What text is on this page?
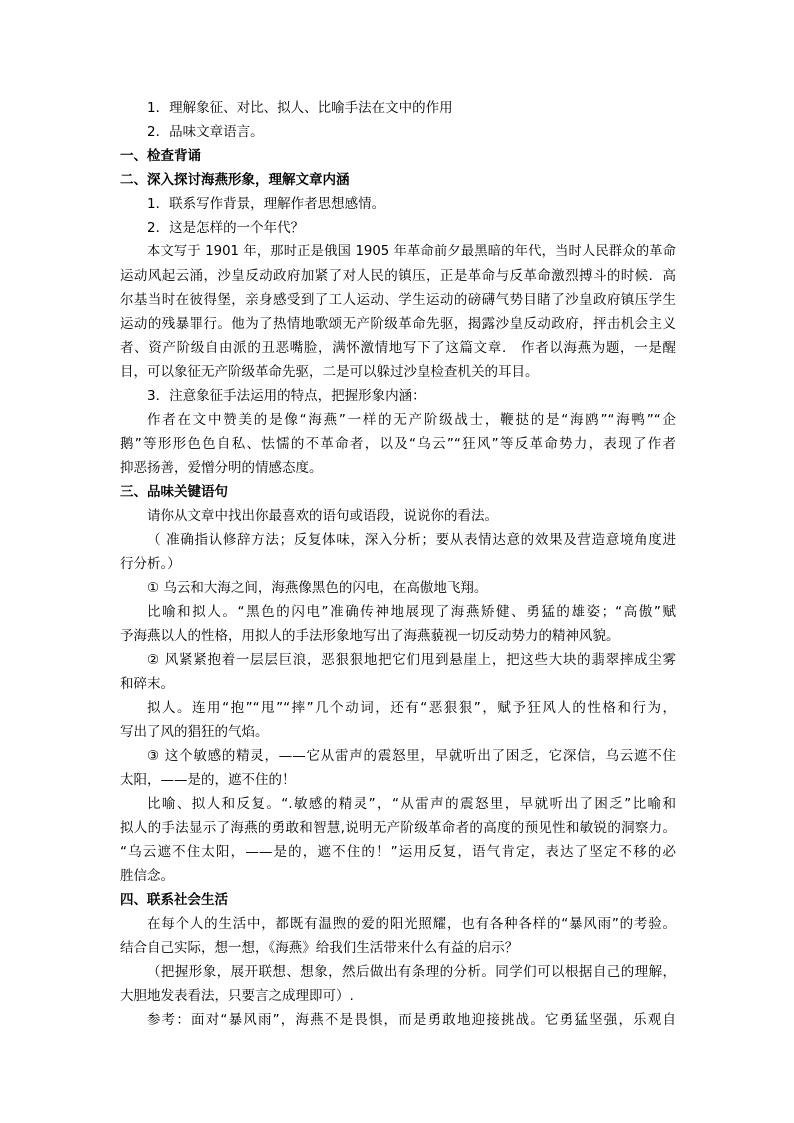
1．理解象征、对比、拟人、比喻手法在文中的作用
2．品味文章语言。
一、检查背诵
二、深入探讨海燕形象，理解文章内涵
1．联系写作背景，理解作者思想感情。
2．这是怎样的一个年代？
本文写于 1901 年，那时正是俄国 1905 年革命前夕最黑暗的年代，当时人民群众的革命
运动风起云涌，沙皇反动政府加紧了对人民的镇压，正是革命与反革命激烈搏斗的时候．高
尔基当时在彼得堡，亲身感受到了工人运动、学生运动的磅礴气势目睹了沙皇政府镇压学生
运动的残暴罪行。他为了热情地歌颂无产阶级革命先驱，揭露沙皇反动政府，抨击机会主义
者、资产阶级自由派的丑恶嘴脸，满怀激情地写下了这篇文章． 作者以海燕为题，一是醒
目，可以象征无产阶级革命先驱，二是可以躲过沙皇检查机关的耳目。
3．注意象征手法运用的特点，把握形象内涵：
作者在文中赞美的是像“海燕”一样的无产阶级战士，鞭挞的是“海鸥”“海鸭”“企
鹅”等形形色色自私、怯懦的不革命者，以及“乌云”“狂风”等反革命势力，表现了作者
抑恶扬善，爱憎分明的情感态度。
三、品味关键语句
请你从文章中找出你最喜欢的语句或语段，说说你的看法。
（ 准确指认修辞方法；反复体味，深入分析；要从表情达意的效果及营造意境角度进
行分析。）
① 乌云和大海之间，海燕像黑色的闪电，在高傲地飞翔。
比喻和拟人。“黑色的闪电”准确传神地展现了海燕矫健、勇猛的雄姿；“高傲”赋
予海燕以人的性格，用拟人的手法形象地写出了海燕藐视一切反动势力的精神风貌。
② 风紧紧抱着一层层巨浪，恶狠狠地把它们甩到悬崖上，把这些大块的翡翠摔成尘雾
和碎末。
拟人。连用“抱”“甩”“摔”几个动词，还有“恶狠狠”，赋予狂风人的性格和行为，
写出了风的猖狂的气焰。
③ 这个敏感的精灵，——它从雷声的震怒里，早就听出了困乏，它深信，乌云遮不住
太阳，——是的，遮不住的！
比喻、拟人和反复。“.敏感的精灵”，“从雷声的震怒里，早就听出了困乏”比喻和
拟人的手法显示了海燕的勇敢和智慧,说明无产阶级革命者的高度的预见性和敏锐的洞察力。
“乌云遮不住太阳，——是的，遮不住的！”运用反复，语气肯定，表达了坚定不移的必
胜信念。
四、联系社会生活
在每个人的生活中，都既有温煦的爱的阳光照耀，也有各种各样的“暴风雨”的考验。
结合自己实际，想一想，《海燕》给我们生活带来什么有益的启示？
（把握形象，展开联想、想象，然后做出有条理的分析。同学们可以根据自己的理解，
大胆地发表看法，只要言之成理即可）.
参考：面对“暴风雨”，海燕不是畏惧，而是勇敢地迎接挑战。它勇猛坚强，乐观自
